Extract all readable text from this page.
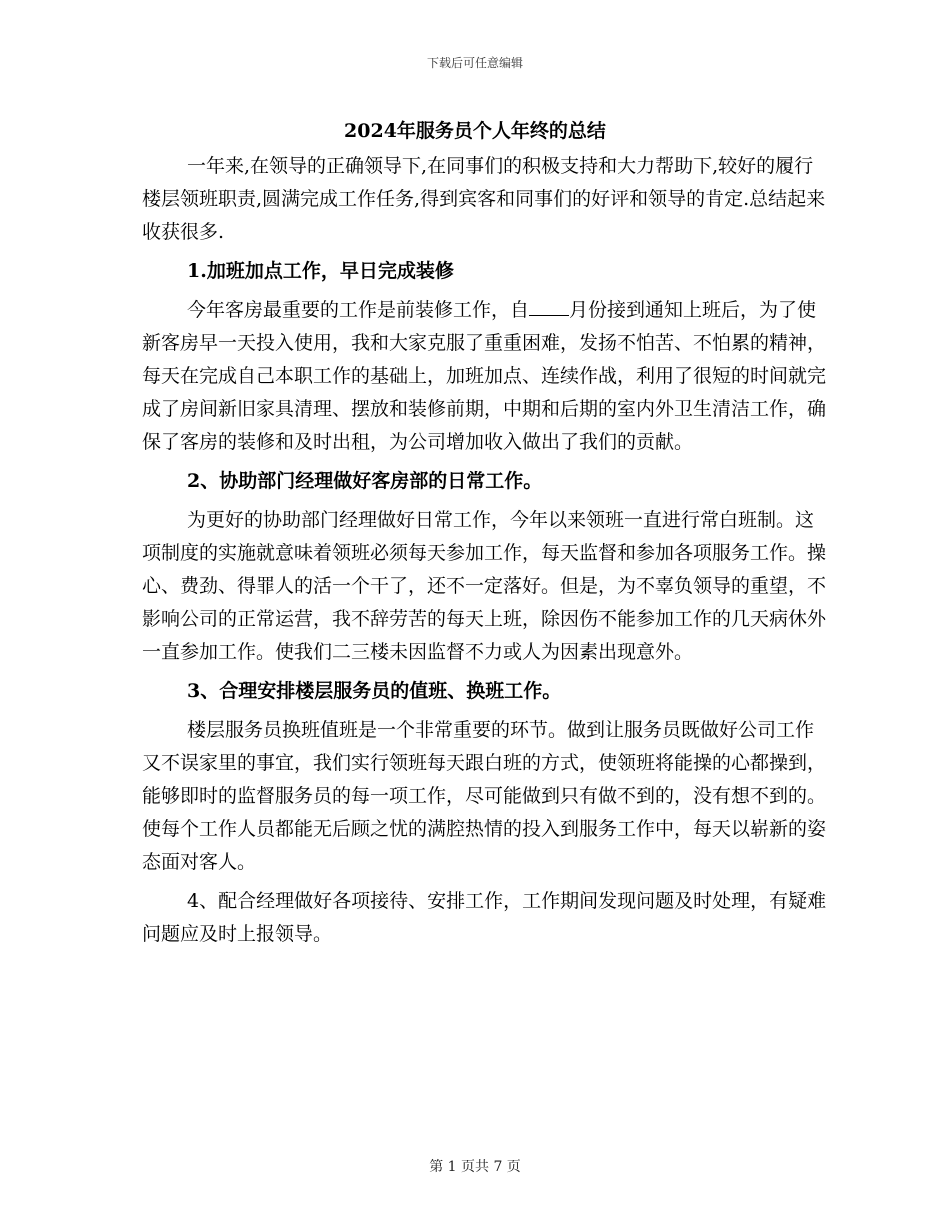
下载后可任意编辑
2024年服务员个人年终的总结

一年来,在领导的正确领导下,在同事们的积极支持和大力帮助下,较好的履行楼层领班职责,圆满完成工作任务,得到宾客和同事们的好评和领导的肯定.总结起来收获很多.

1.加班加点工作，早日完成装修

今年客房最重要的工作是前装修工作，自 月份接到通知上班后，为了使新客房早一天投入使用，我和大家克服了重重困难，发扬不怕苦、不怕累的精神，每天在完成自己本职工作的基础上，加班加点、连续作战，利用了很短的时间就完成了房间新旧家具清理、摆放和装修前期，中期和后期的室内外卫生清洁工作，确保了客房的装修和及时出租，为公司增加收入做出了我们的贡献。

2、协助部门经理做好客房部的日常工作。

为更好的协助部门经理做好日常工作，今年以来领班一直进行常白班制。这项制度的实施就意味着领班必须每天参加工作，每天监督和参加各项服务工作。操心、费劲、得罪人的活一个干了，还不一定落好。但是，为不辜负领导的重望，不影响公司的正常运营，我不辞劳苦的每天上班，除因伤不能参加工作的几天病休外一直参加工作。使我们二三楼未因监督不力或人为因素出现意外。

3、合理安排楼层服务员的值班、换班工作。

楼层服务员换班值班是一个非常重要的环节。做到让服务员既做好公司工作又不误家里的事宜，我们实行领班每天跟白班的方式，使领班将能操的心都操到，能够即时的监督服务员的每一项工作，尽可能做到只有做不到的，没有想不到的。使每个工作人员都能无后顾之忧的满腔热情的投入到服务工作中，每天以崭新的姿态面对客人。

4、配合经理做好各项接待、安排工作，工作期间发现问题及时处理，有疑难问题应及时上报领导。

第 1 页共 7 页
